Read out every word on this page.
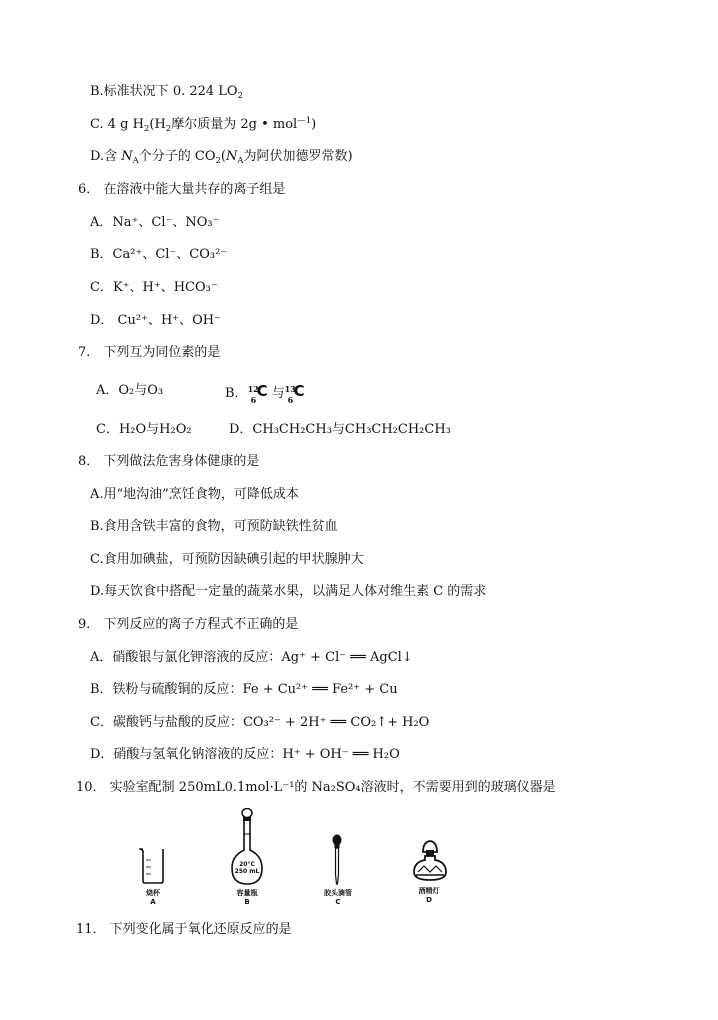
B.标准状况下 0. 224 $LO_2$
C. 4 g $H_2(H_2$摩尔质量为 2g • mol$^{—1}$)
D.含 $N_A$个分子的 $CO_2(N_A$为阿伏加德罗常数)
6． 在溶液中能大量共存的离子组是
A．Na⁺、Cl⁻、NO₃⁻
B．Ca²⁺、Cl⁻、CO₃²⁻
C．K⁺、H⁺、HCO₃⁻
D． Cu²⁺、H⁺、OH⁻
7． 下列互为同位素的是
A．O₂与O₃	B． 12
6 C 与 13
6 C
C．H₂O与H₂O₂	D．CH₃CH₂CH₃与CH₃CH₂CH₂CH₃
8． 下列做法危害身体健康的是
A.用“地沟油”烹饪食物，可降低成本
B.食用含铁丰富的食物，可预防缺铁性贫血
C.食用加碘盐，可预防因缺碘引起的甲状腺肿大
D.每天饮食中搭配一定量的蔬菜水果，以满足人体对维生素 C 的需求
9． 下列反应的离子方程式不正确的是
A．硝酸银与氯化钾溶液的反应：Ag⁺ + Cl⁻ ══ AgCl↓
B．铁粉与硫酸铜的反应：Fe + Cu²⁺ ══ Fe²⁺ + Cu
C．碳酸钙与盐酸的反应：CO₃²⁻ + 2H⁺ ══ CO₂↑+ H₂O
D．硝酸与氢氧化钠溶液的反应：H⁺ + OH⁻ ══ H₂O
10． 实验室配制 250mL0.1mol·L⁻¹的 Na₂SO₄溶液时，不需要用到的玻璃仪器是
烧杯
A
20°C
250 mL
容量瓶
B
胶头滴管
C
酒精灯
D
11． 下列变化属于氧化还原反应的是
